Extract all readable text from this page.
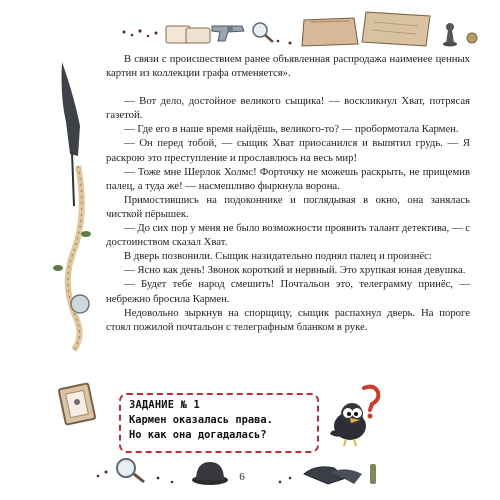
В связи с происшествием ранее объявленная распродажа наименее ценных картин из коллекции графа отменяется».

— Вот дело, достойное великого сыщика! — воскликнул Хват, потрясая газетой.

— Где его в наше время найдёшь, великого-то? — пробормотала Кармен.

— Он перед тобой, — сыщик Хват приосанился и выпятил грудь. — Я раскрою это преступление и прославлюсь на весь мир!

— Тоже мне Шерлок Холмс! Форточку не можешь раскрыть, не прищемив палец, а туда же! — насмешливо фыркнула ворона.

Примостившись на подоконнике и поглядывая в окно, она занялась чисткой пёрышек.

— До сих пор у меня не было возможности проявить талант детектива, — с достоинством сказал Хват.

В дверь позвонили. Сыщик назидательно поднял палец и произнёс:

— Ясно как день! Звонок короткий и нервный. Это хрупкая юная девушка.

— Будет тебе народ смешить! Почтальон это, телеграмму принёс, — небрежно бросила Кармен.

Недовольно зыркнув на спорщицу, сыщик распахнул дверь. На пороге стоял пожилой почтальон с телеграфным бланком в руке.

ЗАДАНИЕ № 1
Кармен оказалась права.
Но как она догадалась?
6
